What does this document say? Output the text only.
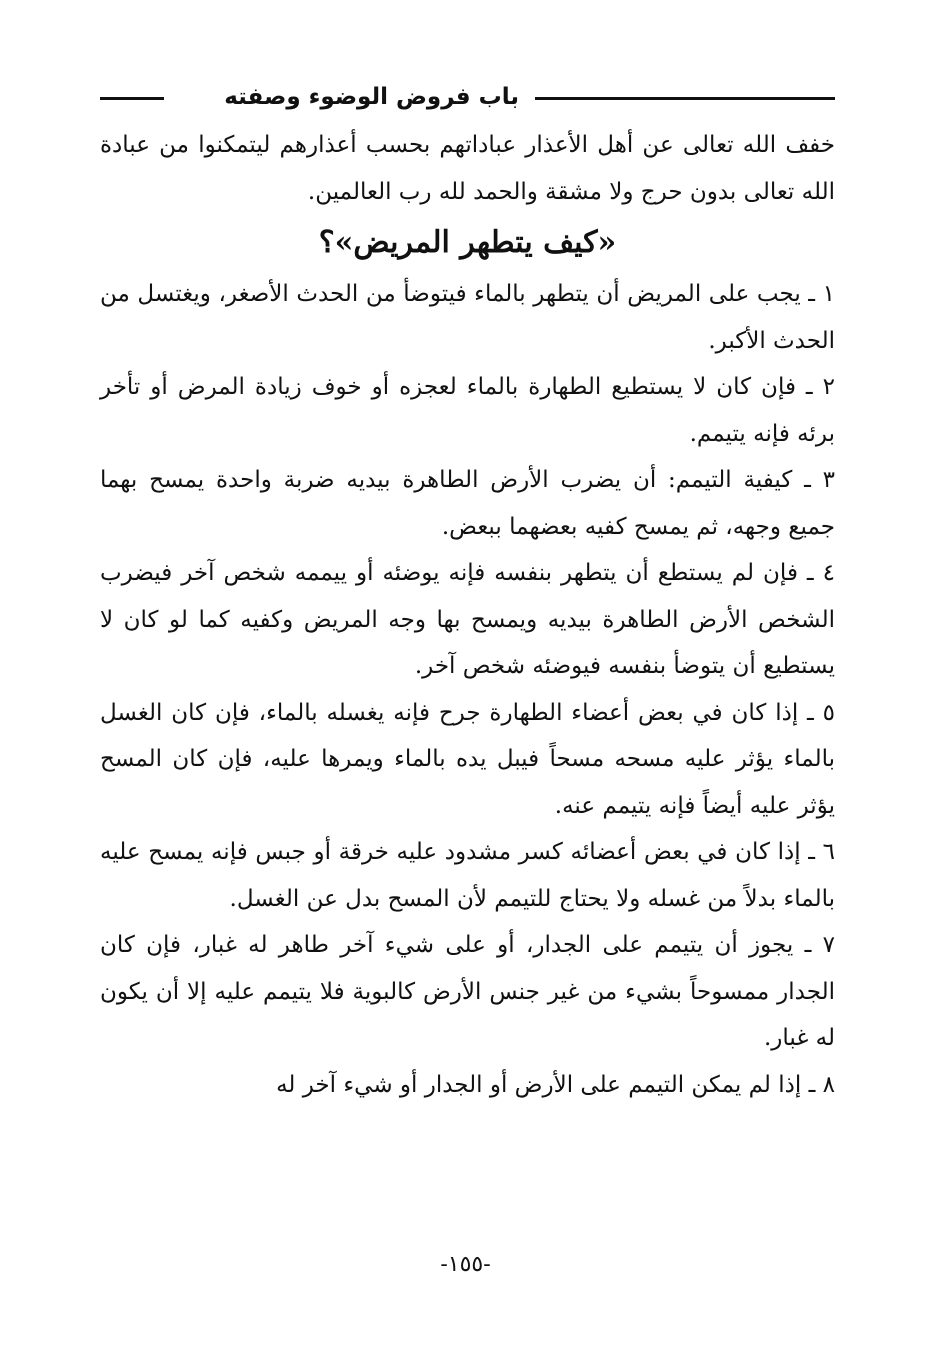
باب فروض الوضوء وصفته

خفف الله تعالى عن أهل الأعذار عباداتهم بحسب أعذارهم ليتمكنوا من عبادة الله تعالى بدون حرج ولا مشقة والحمد لله رب العالمين.

«كيف يتطهر المريض»؟

١ ـ يجب على المريض أن يتطهر بالماء فيتوضأ من الحدث الأصغر، ويغتسل من الحدث الأكبر.

٢ ـ فإن كان لا يستطيع الطهارة بالماء لعجزه أو خوف زيادة المرض أو تأخر برئه فإنه يتيمم.

٣ ـ كيفية التيمم: أن يضرب الأرض الطاهرة بيديه ضربة واحدة يمسح بهما جميع وجهه، ثم يمسح كفيه بعضهما ببعض.

٤ ـ فإن لم يستطع أن يتطهر بنفسه فإنه يوضئه أو ييممه شخص آخر فيضرب الشخص الأرض الطاهرة بيديه ويمسح بها وجه المريض وكفيه كما لو كان لا يستطيع أن يتوضأ بنفسه فيوضئه شخص آخر.

٥ ـ إذا كان في بعض أعضاء الطهارة جرح فإنه يغسله بالماء، فإن كان الغسل بالماء يؤثر عليه مسحه مسحاً فيبل يده بالماء ويمرها عليه، فإن كان المسح يؤثر عليه أيضاً فإنه يتيمم عنه.

٦ ـ إذا كان في بعض أعضائه كسر مشدود عليه خرقة أو جبس فإنه يمسح عليه بالماء بدلاً من غسله ولا يحتاج للتيمم لأن المسح بدل عن الغسل.

٧ ـ يجوز أن يتيمم على الجدار، أو على شيء آخر طاهر له غبار، فإن كان الجدار ممسوحاً بشيء من غير جنس الأرض كالبوية فلا يتيمم عليه إلا أن يكون له غبار.

٨ ـ إذا لم يمكن التيمم على الأرض أو الجدار أو شيء آخر له

-١٥٥-
